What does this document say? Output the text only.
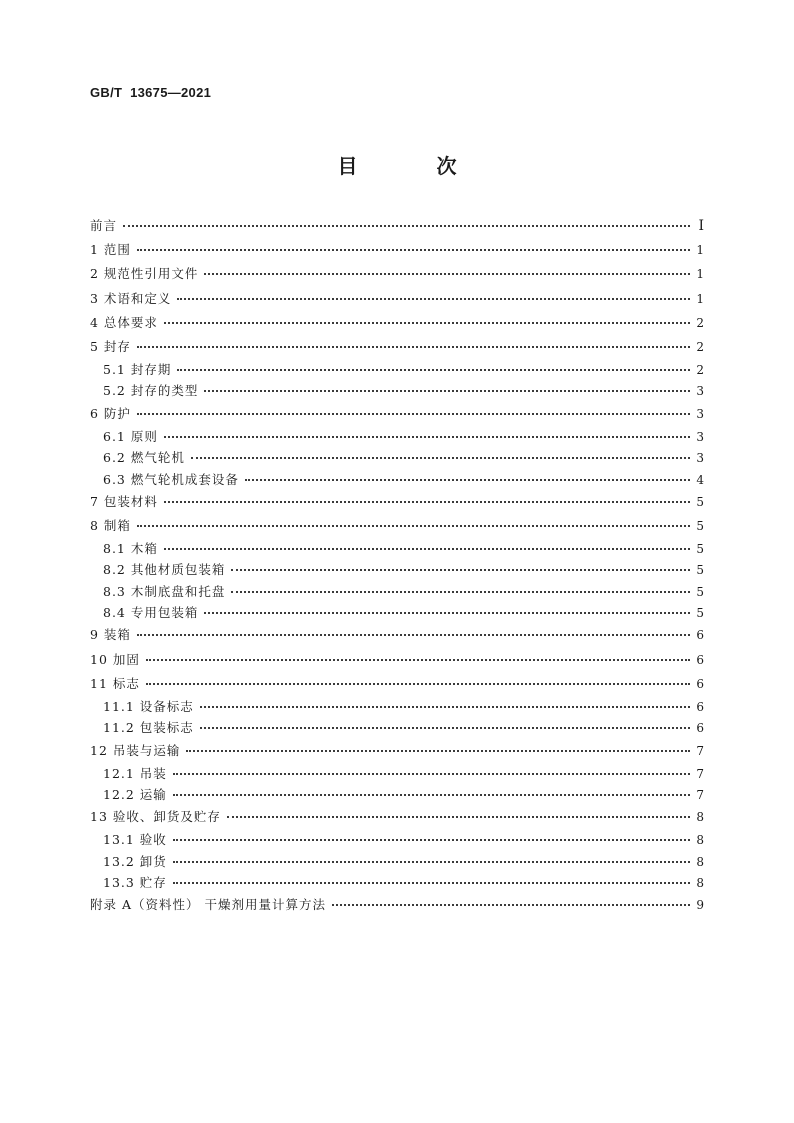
GB/T  13675—2021
目 次
前言	Ⅰ
1 范围	1
2 规范性引用文件	1
3 术语和定义	1
4 总体要求	2
5 封存	2
5.1 封存期	2
5.2 封存的类型	3
6 防护	3
6.1 原则	3
6.2 燃气轮机	3
6.3 燃气轮机成套设备	4
7 包装材料	5
8 制箱	5
8.1 木箱	5
8.2 其他材质包装箱	5
8.3 木制底盘和托盘	5
8.4 专用包装箱	5
9 装箱	6
10 加固	6
11 标志	6
11.1 设备标志	6
11.2 包装标志	6
12 吊装与运输	7
12.1 吊装	7
12.2 运输	7
13 验收、卸货及贮存	8
13.1 验收	8
13.2 卸货	8
13.3 贮存	8
附录 A（资料性） 干燥剂用量计算方法	9
